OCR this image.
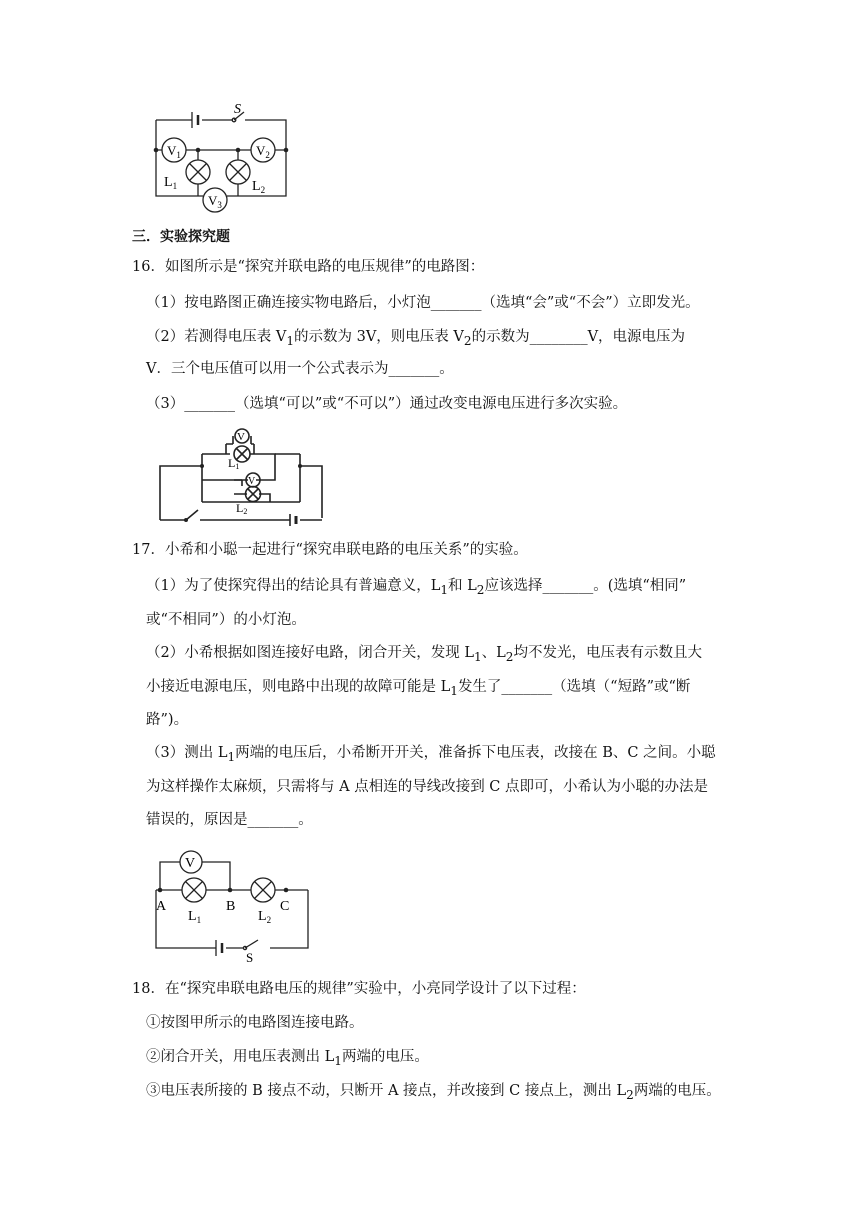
S
$V_1$	$V_2$
$V_3$
$L_1$	$L_2$
三．实验探究题
16．如图所示是“探究并联电路的电压规律”的电路图：
（1）按电路图正确连接实物电路后，小灯泡_______（选填“会”或“不会”）立即发光。
（2）若测得电压表 $V_1$的示数为 3V，则电压表 $V_2$的示数为________V，电源电压为
V．三个电压值可以用一个公式表示为_______。
（3）_______（选填“可以”或“不可以”）通过改变电源电压进行多次实验。
V
V
L1
L2
17．小希和小聪一起进行“探究串联电路的电压关系”的实验。
（1）为了使探究得出的结论具有普遍意义，$L_1$和 $L_2$应该选择_______。(选填“相同”
或“不相同”）的小灯泡。
（2）小希根据如图连接好电路，闭合开关，发现 $L_1$、$L_2$均不发光，电压表有示数且大
小接近电源电压，则电路中出现的故障可能是 $L_1$发生了_______（选填（“短路”或“断
路”)。
（3）测出 $L_1$两端的电压后，小希断开开关，准备拆下电压表，改接在 B、C 之间。小聪
为这样操作太麻烦，只需将与 A 点相连的导线改接到 C 点即可，小希认为小聪的办法是
错误的，原因是_______。
V
A	B	C
S
$L_1$	$L_2$
18．在“探究串联电路电压的规律”实验中，小亮同学设计了以下过程：
①按图甲所示的电路图连接电路。
②闭合开关，用电压表测出 $L_1$两端的电压。
③电压表所接的 B 接点不动，只断开 A 接点，并改接到 C 接点上，测出 $L_2$两端的电压。
